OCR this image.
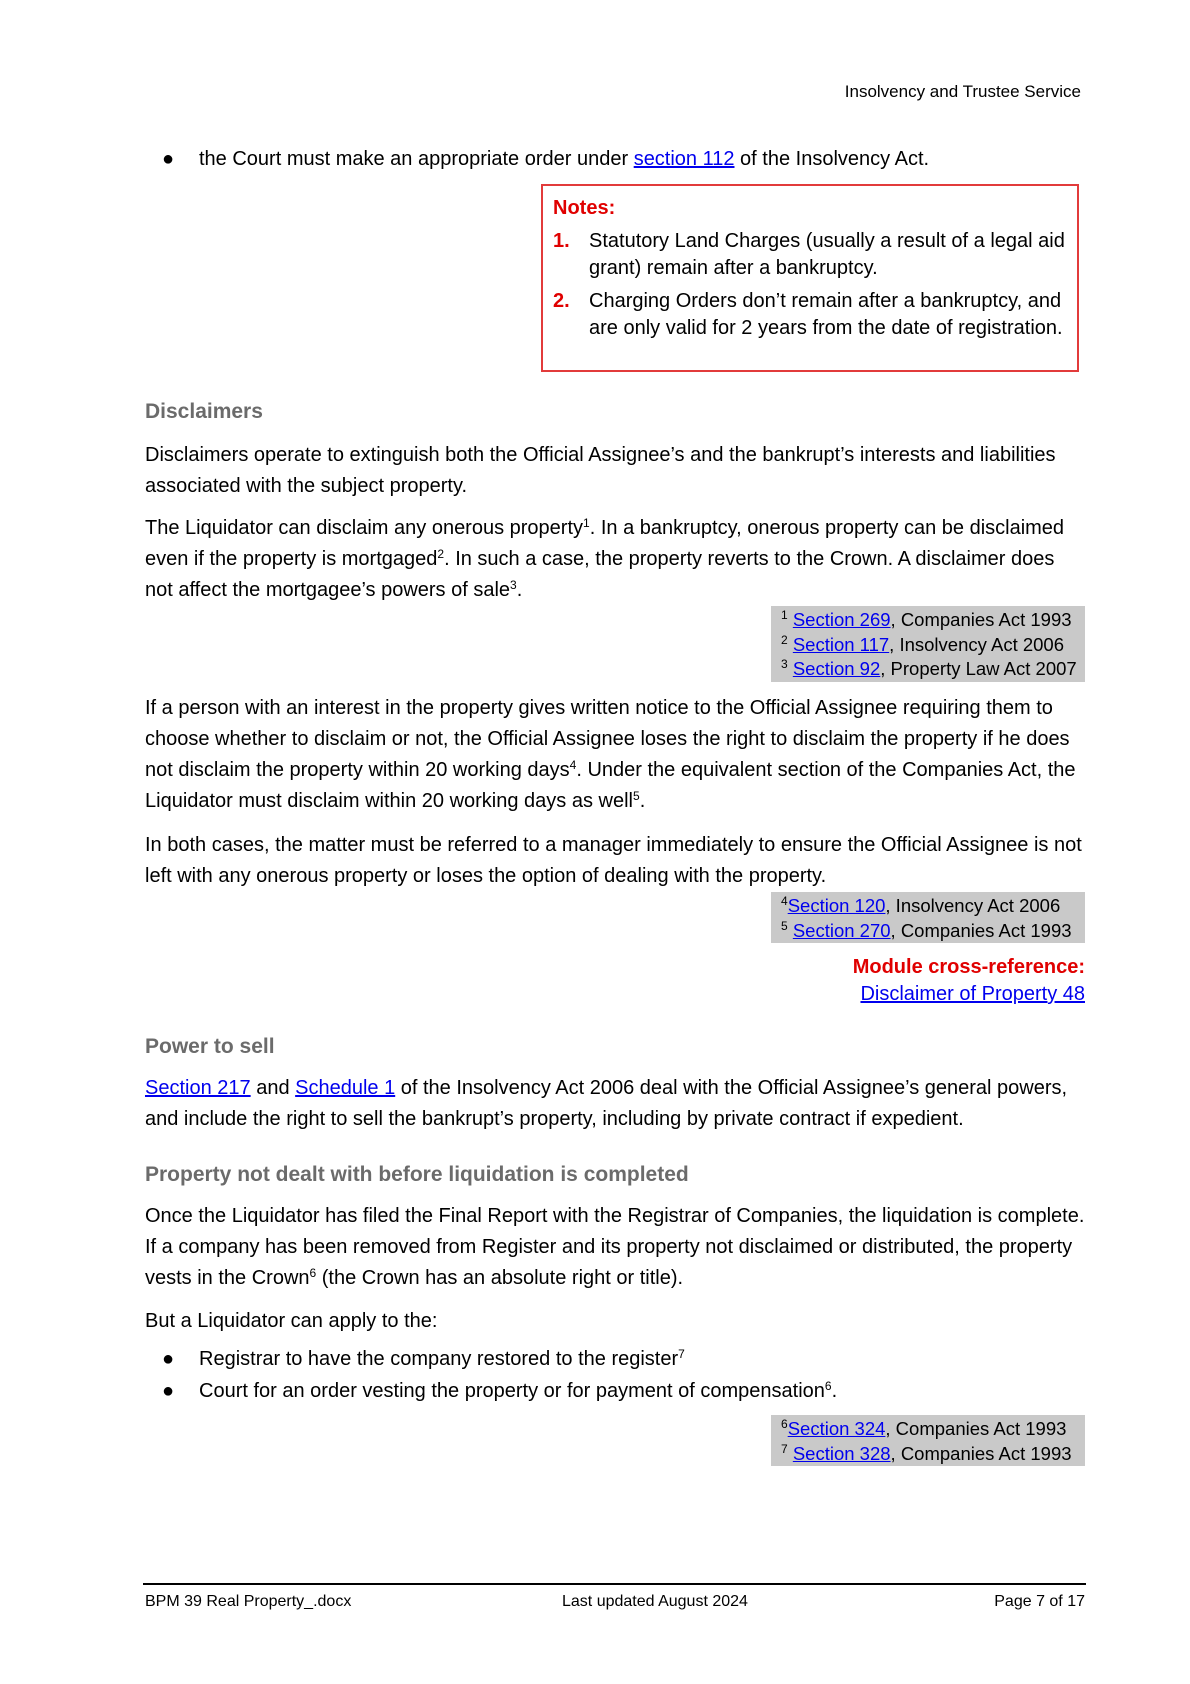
Insolvency and Trustee Service
● the Court must make an appropriate order under section 112 of the Insolvency Act.
Notes:
1. Statutory Land Charges (usually a result of a legal aid grant) remain after a bankruptcy.
2. Charging Orders don’t remain after a bankruptcy, and are only valid for 2 years from the date of registration.
Disclaimers
Disclaimers operate to extinguish both the Official Assignee’s and the bankrupt’s interests and liabilities associated with the subject property.
The Liquidator can disclaim any onerous property$^1$. In a bankruptcy, onerous property can be disclaimed even if the property is mortgaged$^2$. In such a case, the property reverts to the Crown. A disclaimer does not affect the mortgagee’s powers of sale$^3$.
$^1$ Section 269, Companies Act 1993
$^2$ Section 117, Insolvency Act 2006
$^3$ Section 92, Property Law Act 2007
If a person with an interest in the property gives written notice to the Official Assignee requiring them to choose whether to disclaim or not, the Official Assignee loses the right to disclaim the property if he does not disclaim the property within 20 working days$^4$. Under the equivalent section of the Companies Act, the Liquidator must disclaim within 20 working days as well$^5$.
In both cases, the matter must be referred to a manager immediately to ensure the Official Assignee is not left with any onerous property or loses the option of dealing with the property.
$^4$Section 120, Insolvency Act 2006
$^5$ Section 270, Companies Act 1993
Module cross-reference:
Disclaimer of Property 48
Power to sell
Section 217 and Schedule 1 of the Insolvency Act 2006 deal with the Official Assignee’s general powers, and include the right to sell the bankrupt’s property, including by private contract if expedient.
Property not dealt with before liquidation is completed
Once the Liquidator has filed the Final Report with the Registrar of Companies, the liquidation is complete. If a company has been removed from Register and its property not disclaimed or distributed, the property vests in the Crown$^6$ (the Crown has an absolute right or title).
But a Liquidator can apply to the:
● Registrar to have the company restored to the register$^7$
● Court for an order vesting the property or for payment of compensation$^6$.
$^6$Section 324, Companies Act 1993
$^7$ Section 328, Companies Act 1993
BPM 39 Real Property_.docx	Last updated August 2024	Page 7 of 17
